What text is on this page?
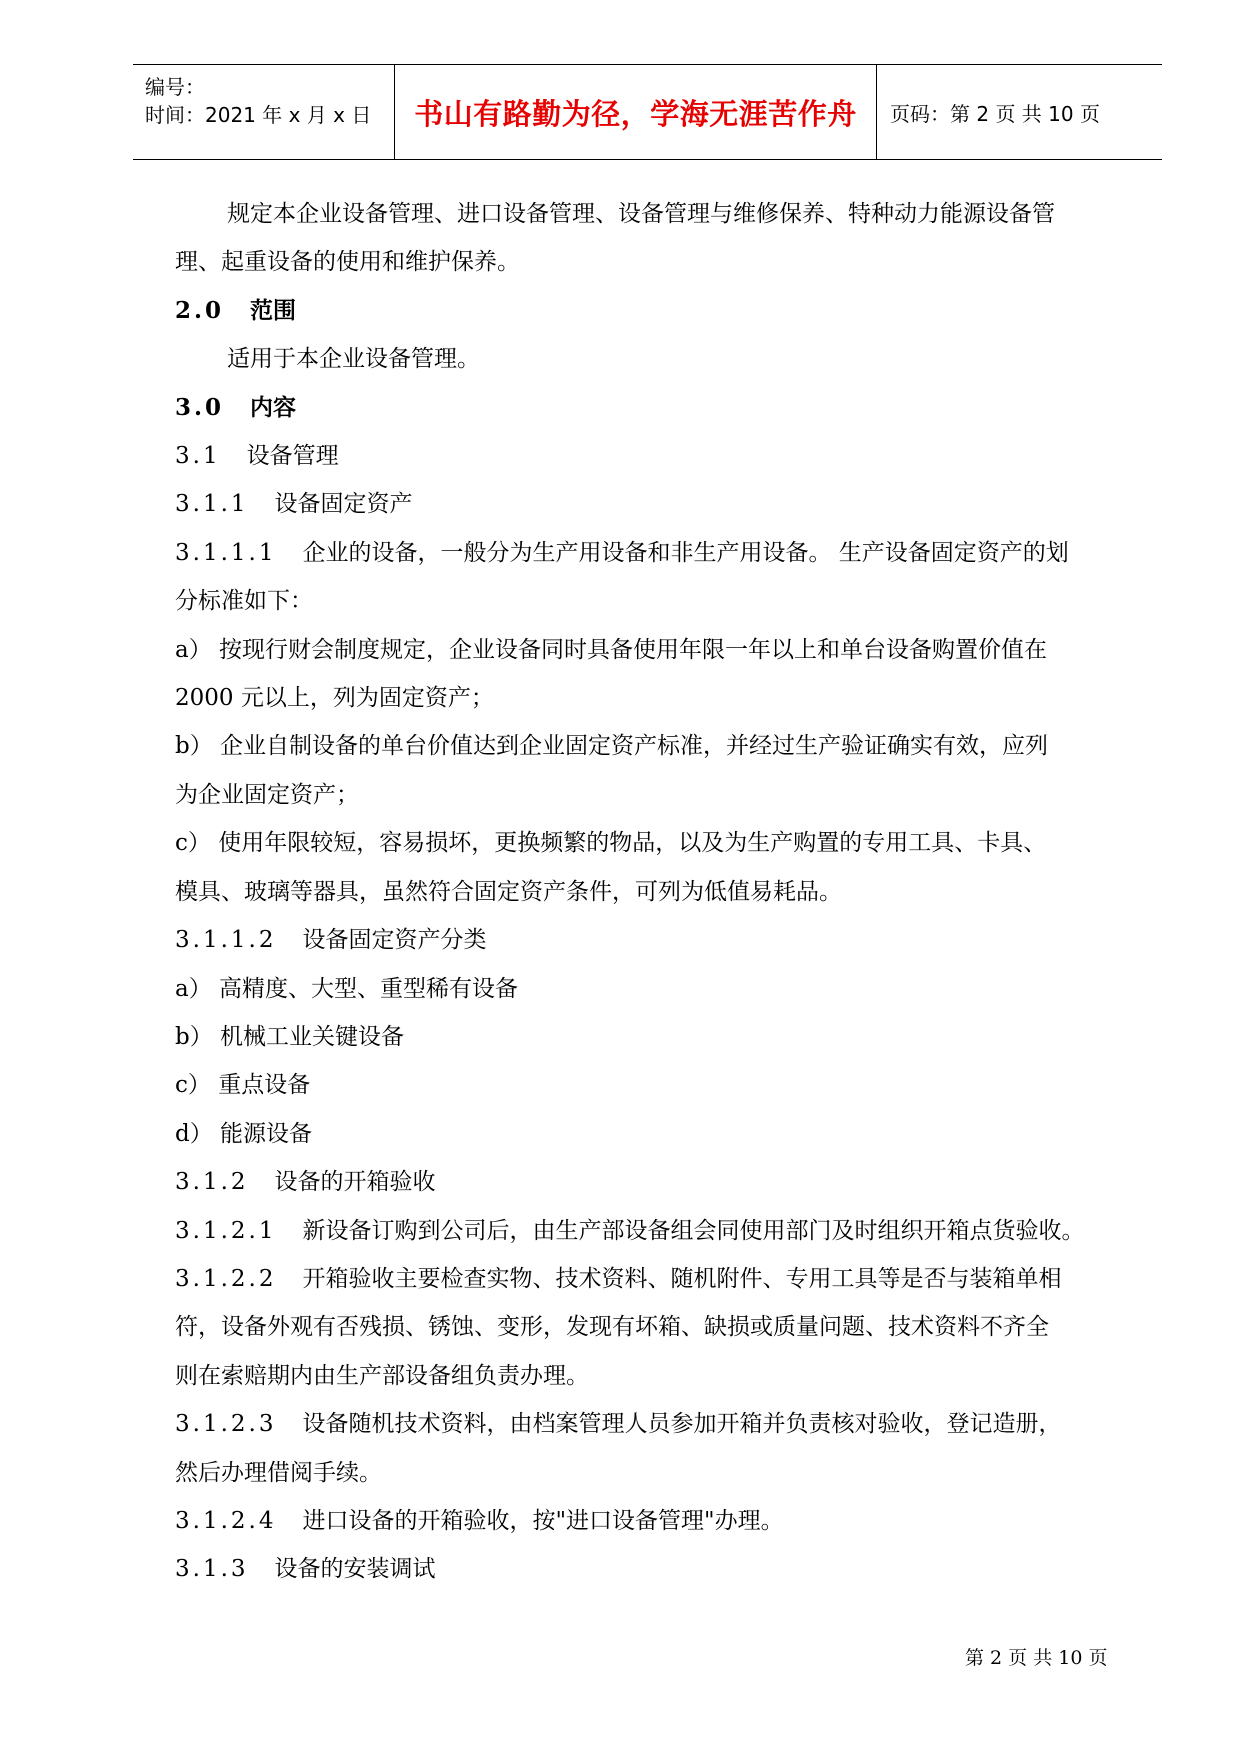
编号：
时间：2021 年 x 月 x 日 书山有路勤为径，学海无涯苦作舟 页码：第 2 页 共 10 页

规定本企业设备管理、进口设备管理、设备管理与维修保养、特种动力能源设备管

理、起重设备的使用和维护保养。

2.0 范围

适用于本企业设备管理。

3.0 内容

3.1 设备管理

3.1.1 设备固定资产

3.1.1.1 企业的设备，一般分为生产用设备和非生产用设备。 生产设备固定资产的划

分标准如下：

a） 按现行财会制度规定，企业设备同时具备使用年限一年以上和单台设备购置价值在

2000 元以上，列为固定资产；

b） 企业自制设备的单台价值达到企业固定资产标准，并经过生产验证确实有效，应列

为企业固定资产；

c） 使用年限较短，容易损坏，更换频繁的物品，以及为生产购置的专用工具、卡具、

模具、玻璃等器具，虽然符合固定资产条件，可列为低值易耗品。

3.1.1.2 设备固定资产分类

a） 高精度、大型、重型稀有设备

b） 机械工业关键设备

c） 重点设备

d） 能源设备

3.1.2 设备的开箱验收

3.1.2.1 新设备订购到公司后，由生产部设备组会同使用部门及时组织开箱点货验收。

3.1.2.2 开箱验收主要检查实物、技术资料、随机附件、专用工具等是否与装箱单相

符，设备外观有否残损、锈蚀、变形，发现有坏箱、缺损或质量问题、技术资料不齐全

则在索赔期内由生产部设备组负责办理。

3.1.2.3 设备随机技术资料，由档案管理人员参加开箱并负责核对验收，登记造册，

然后办理借阅手续。

3.1.2.4 进口设备的开箱验收，按"进口设备管理"办理。

3.1.3 设备的安装调试

第 2 页 共 10 页
